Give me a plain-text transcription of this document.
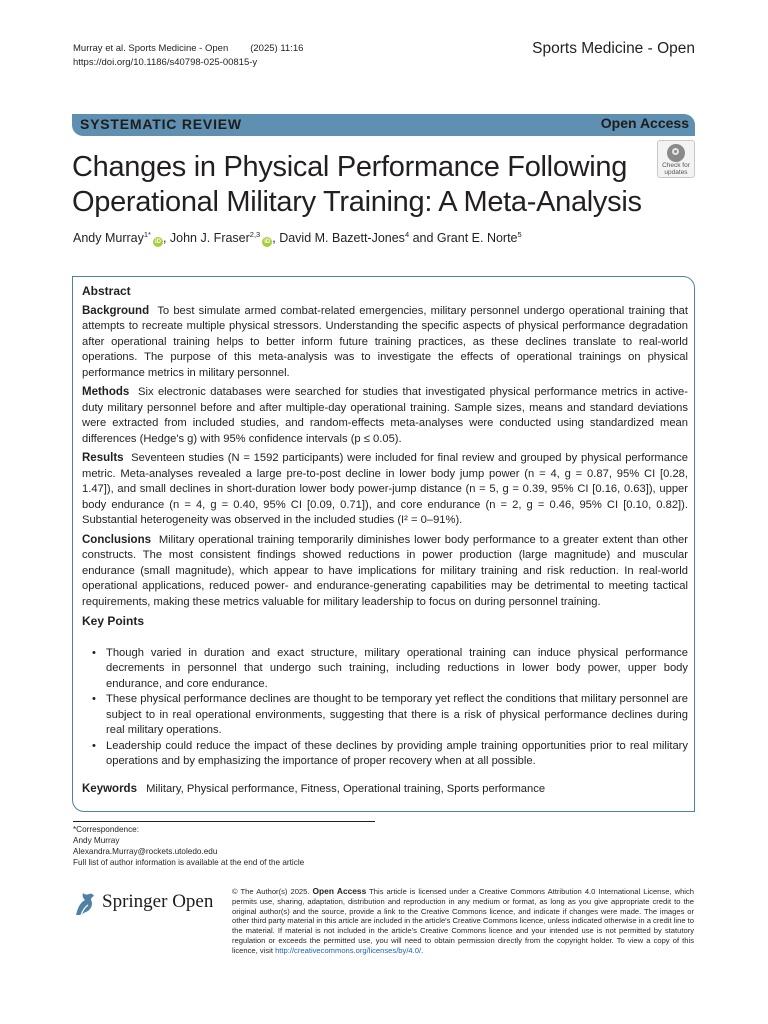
Murray et al. Sports Medicine - Open (2025) 11:16
https://doi.org/10.1186/s40798-025-00815-y
Sports Medicine - Open
SYSTEMATIC REVIEW	Open Access
Changes in Physical Performance Following Operational Military Training: A Meta-Analysis
Check for
updates
Andy Murray$^{1*}$iD , John J. Fraser$^{2,3}$iD , David M. Bazett-Jones$^4$ and Grant E. Norte$^5$
Abstract

Background To best simulate armed combat-related emergencies, military personnel undergo operational training that attempts to recreate multiple physical stressors. Understanding the specific aspects of physical performance degradation after operational training helps to better inform future training practices, as these declines translate to real-world operations. The purpose of this meta-analysis was to investigate the effects of operational trainings on physical performance metrics in military personnel.

Methods Six electronic databases were searched for studies that investigated physical performance metrics in active-duty military personnel before and after multiple-day operational training. Sample sizes, means and standard deviations were extracted from included studies, and random-effects meta-analyses were conducted using standardized mean differences (Hedge's g) with 95% confidence intervals (p ≤ 0.05).

Results Seventeen studies (N = 1592 participants) were included for final review and grouped by physical performance metric. Meta-analyses revealed a large pre-to-post decline in lower body jump power (n = 4, g = 0.87, 95% CI [0.28, 1.47]), and small declines in short-duration lower body power-jump distance (n = 5, g = 0.39, 95% CI [0.16, 0.63]), upper body endurance (n = 4, g = 0.40, 95% CI [0.09, 0.71]), and core endurance (n = 2, g = 0.46, 95% CI [0.10, 0.82]). Substantial heterogeneity was observed in the included studies (I² = 0–91%).

Conclusions Military operational training temporarily diminishes lower body performance to a greater extent than other constructs. The most consistent findings showed reductions in power production (large magnitude) and muscular endurance (small magnitude), which appear to have implications for military training and risk reduction. In real-world operational applications, reduced power- and endurance-generating capabilities may be detrimental to meeting tactical requirements, making these metrics valuable for military leadership to focus on during personnel training.

Key Points
• Though varied in duration and exact structure, military operational training can induce physical performance decrements in personnel that undergo such training, including reductions in lower body power, upper body endurance, and core endurance.
• These physical performance declines are thought to be temporary yet reflect the conditions that military personnel are subject to in real operational environments, suggesting that there is a risk of physical performance declines during real military operations.
• Leadership could reduce the impact of these declines by providing ample training opportunities prior to real military operations and by emphasizing the importance of proper recovery when at all possible.

Keywords Military, Physical performance, Fitness, Operational training, Sports performance

*Correspondence:
Andy Murray
Alexandra.Murray@rockets.utoledo.edu
Full list of author information is available at the end of the article
Springer Open © The Author(s) 2025. Open Access This article is licensed under a Creative Commons Attribution 4.0 International License, which permits use, sharing, adaptation, distribution and reproduction in any medium or format, as long as you give appropriate credit to the original author(s) and the source, provide a link to the Creative Commons licence, and indicate if changes were made. The images or other third party material in this article are included in the article's Creative Commons licence, unless indicated otherwise in a credit line to the material. If material is not included in the article's Creative Commons licence and your intended use is not permitted by statutory regulation or exceeds the permitted use, you will need to obtain permission directly from the copyright holder. To view a copy of this licence, visit http://creativecommons.org/licenses/by/4.0/.
